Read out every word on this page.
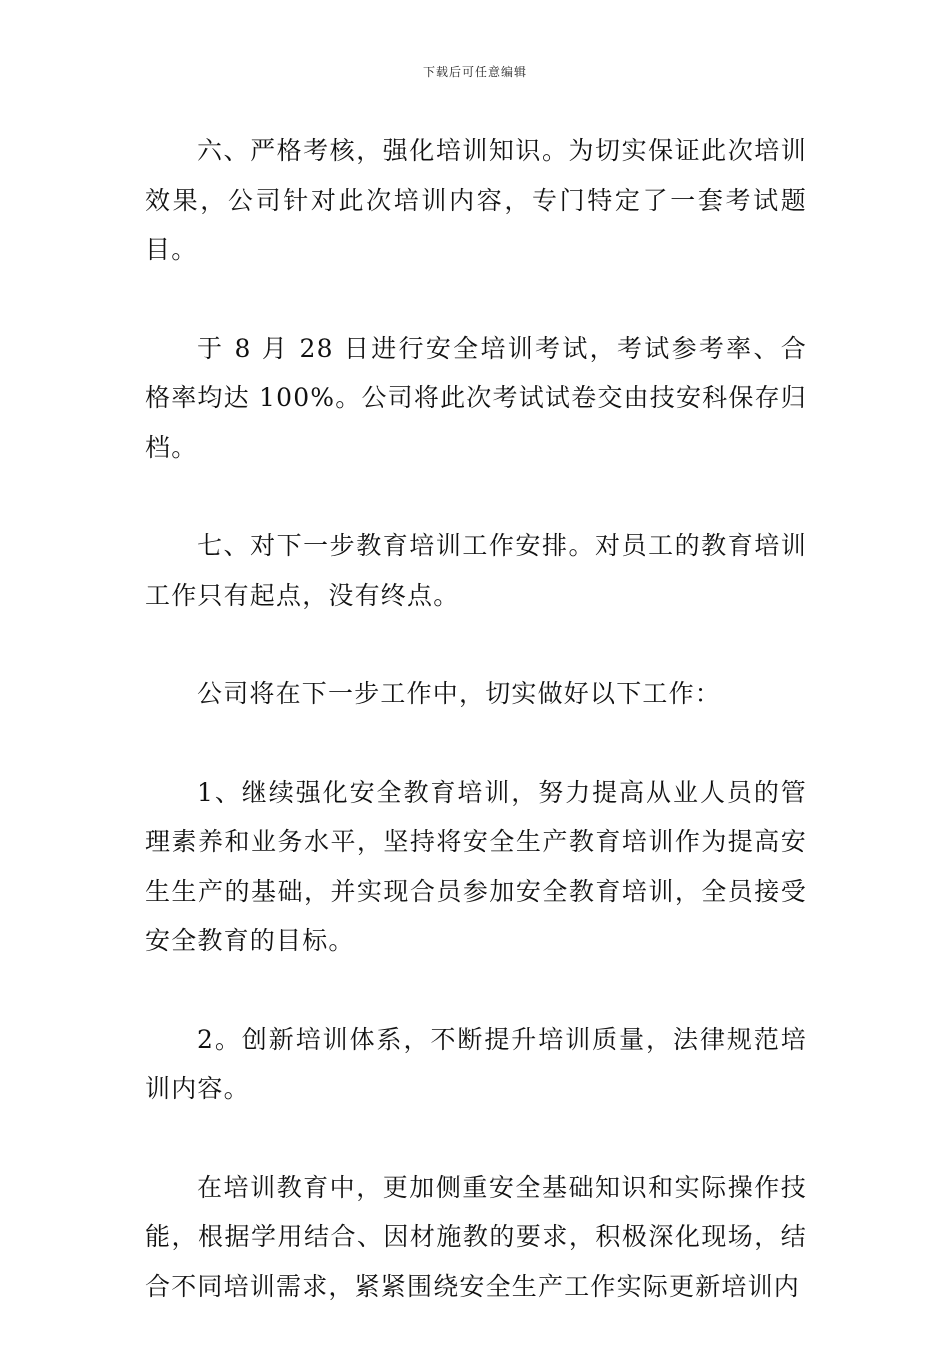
下载后可任意编辑

六、严格考核，强化培训知识。为切实保证此次培训效果，公司针对此次培训内容，专门特定了一套考试题目。

于 8 月 28 日进行安全培训考试，考试参考率、合格率均达 100%。公司将此次考试试卷交由技安科保存归档。

七、对下一步教育培训工作安排。对员工的教育培训工作只有起点，没有终点。

公司将在下一步工作中，切实做好以下工作：

1、继续强化安全教育培训，努力提高从业人员的管理素养和业务水平，坚持将安全生产教育培训作为提高安生生产的基础，并实现合员参加安全教育培训，全员接受安全教育的目标。

2。创新培训体系，不断提升培训质量，法律规范培训内容。

在培训教育中，更加侧重安全基础知识和实际操作技能，根据学用结合、因材施教的要求，积极深化现场，结合不同培训需求，紧紧围绕安全生产工作实际更新培训内
